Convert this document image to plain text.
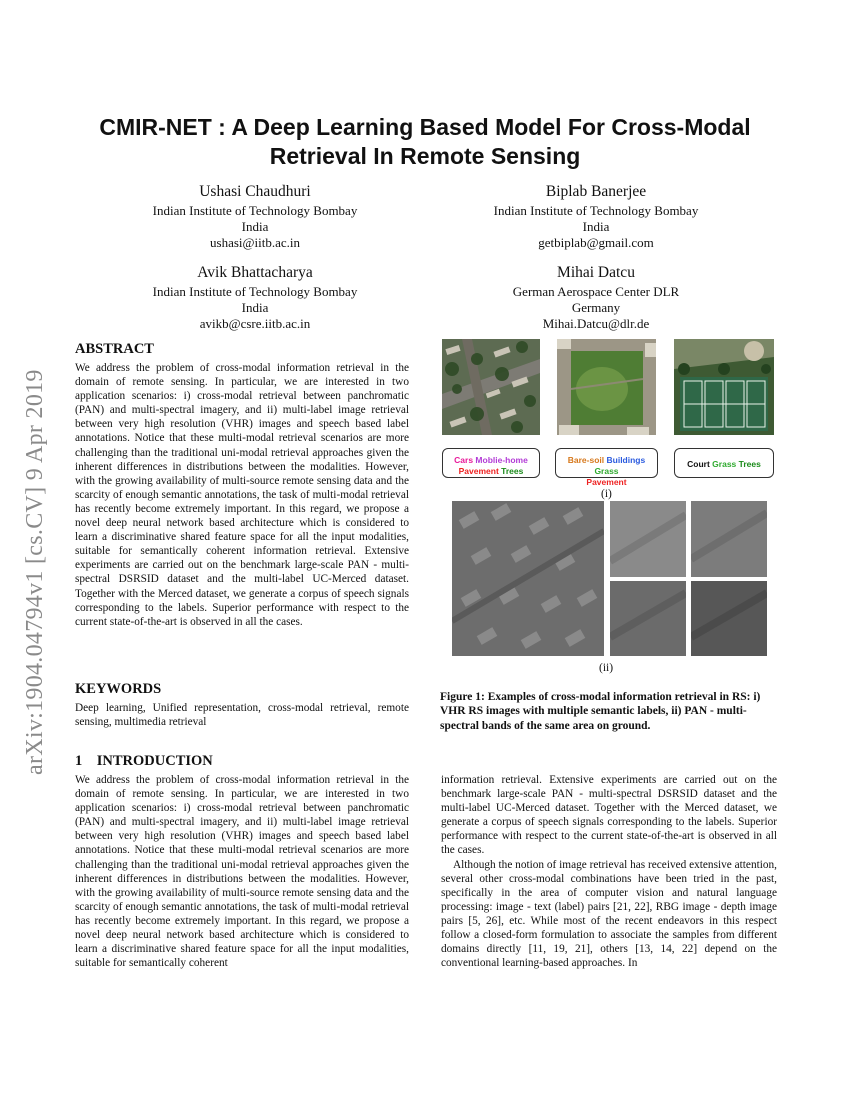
arXiv:1904.04794v1 [cs.CV] 9 Apr 2019
CMIR-NET : A Deep Learning Based Model For Cross-Modal Retrieval In Remote Sensing
Ushasi Chaudhuri
Indian Institute of Technology Bombay
India
ushasi@iitb.ac.in
Biplab Banerjee
Indian Institute of Technology Bombay
India
getbiplab@gmail.com
Avik Bhattacharya
Indian Institute of Technology Bombay
India
avikb@csre.iitb.ac.in
Mihai Datcu
German Aerospace Center DLR
Germany
Mihai.Datcu@dlr.de
ABSTRACT

We address the problem of cross-modal information retrieval in the domain of remote sensing. In particular, we are interested in two application scenarios: i) cross-modal retrieval between panchromatic (PAN) and multi-spectral imagery, and ii) multi-label image retrieval between very high resolution (VHR) images and speech based label annotations. Notice that these multi-modal retrieval scenarios are more challenging than the traditional uni-modal retrieval approaches given the inherent differences in distributions between the modalities. However, with the growing availability of multi-source remote sensing data and the scarcity of enough semantic annotations, the task of multi-modal retrieval has recently become extremely important. In this regard, we propose a novel deep neural network based architecture which is considered to learn a discriminative shared feature space for all the input modalities, suitable for semantically coherent information retrieval. Extensive experiments are carried out on the benchmark large-scale PAN - multi-spectral DSRSID dataset and the multi-label UC-Merced dataset. Together with the Merced dataset, we generate a corpus of speech signals corresponding to the labels. Superior performance with respect to the current state-of-the-art is observed in all the cases.

KEYWORDS

Deep learning, Unified representation, cross-modal retrieval, remote sensing, multimedia retrieval

1    INTRODUCTION

We address the problem of cross-modal information retrieval in the domain of remote sensing. In particular, we are interested in two application scenarios: i) cross-modal retrieval between panchromatic (PAN) and multi-spectral imagery, and ii) multi-label image retrieval between very high resolution (VHR) images and speech based label annotations. Notice that these multi-modal retrieval scenarios are more challenging than the traditional uni-modal retrieval approaches given the inherent differences in distributions between the modalities. However, with the growing availability of multi-source remote sensing data and the scarcity of enough semantic annotations, the task of multi-modal retrieval has recently become extremely important. In this regard, we propose a novel deep neural network based architecture which is considered to learn a discriminative shared feature space for all the input modalities, suitable for semantically coherent

information retrieval. Extensive experiments are carried out on the benchmark large-scale PAN - multi-spectral DSRSID dataset and the multi-label UC-Merced dataset. Together with the Merced dataset, we generate a corpus of speech signals corresponding to the labels. Superior performance with respect to the current state-of-the-art is observed in all the cases.

Although the notion of image retrieval has received extensive attention, several other cross-modal combinations have been tried in the past, specifically in the area of computer vision and natural language processing: image - text (label) pairs [21, 22], RBG image - depth image pairs [5, 26], etc. While most of the recent endeavors in this respect follow a closed-form formulation to associate the samples from different domains directly [11, 19, 21], others [13, 14, 22] depend on the conventional learning-based approaches. In

Cars Moblie-home
Pavement Trees
Bare-soil Buildings Grass
Pavement
Court Grass Trees
(i)
(ii)
Figure 1: Examples of cross-modal information retrieval in RS: i) VHR RS images with multiple semantic labels, ii) PAN - multi-spectral bands of the same area on ground.
